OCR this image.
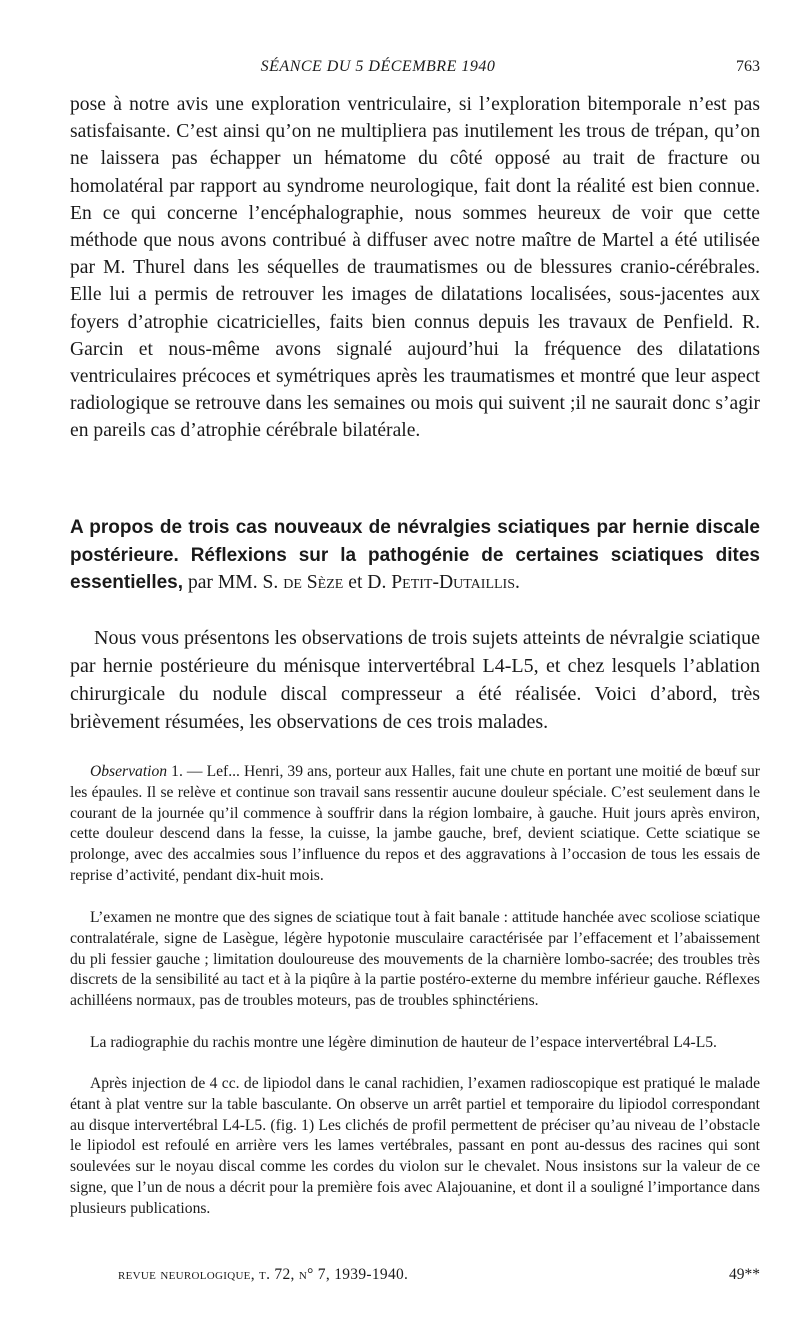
SÉANCE DU 5 DÉCEMBRE 1940	763

pose à notre avis une exploration ventriculaire, si l’exploration bitemporale n’est pas satisfaisante. C’est ainsi qu’on ne multipliera pas inutilement les trous de trépan, qu’on ne laissera pas échapper un hématome du côté opposé au trait de fracture ou homolatéral par rapport au syndrome neurologique, fait dont la réalité est bien connue. En ce qui concerne l’encéphalographie, nous sommes heureux de voir que cette méthode que nous avons contribué à diffuser avec notre maître de Martel a été utilisée par M. Thurel dans les séquelles de traumatismes ou de blessures cranio-cérébrales. Elle lui a permis de retrouver les images de dilatations localisées, sous-jacentes aux foyers d’atrophie cicatricielles, faits bien connus depuis les travaux de Penfield. R. Garcin et nous-même avons signalé aujourd’hui la fréquence des dilatations ventriculaires précoces et symétriques après les traumatismes et montré que leur aspect radiologique se retrouve dans les semaines ou mois qui suivent ;il ne saurait donc s’agir en pareils cas d’atrophie cérébrale bilatérale.

A propos de trois cas nouveaux de névralgies sciatiques par hernie discale postérieure. Réflexions sur la pathogénie de certaines sciatiques dites essentielles, par MM. S. de Sèze et D. Petit-Dutaillis.

Nous vous présentons les observations de trois sujets atteints de névralgie sciatique par hernie postérieure du ménisque intervertébral L4-L5, et chez lesquels l’ablation chirurgicale du nodule discal compresseur a été réalisée. Voici d’abord, très brièvement résumées, les observations de ces trois malades.

Observation 1. — Lef... Henri, 39 ans, porteur aux Halles, fait une chute en portant une moitié de bœuf sur les épaules. Il se relève et continue son travail sans ressentir aucune douleur spéciale. C’est seulement dans le courant de la journée qu’il commence à souffrir dans la région lombaire, à gauche. Huit jours après environ, cette douleur descend dans la fesse, la cuisse, la jambe gauche, bref, devient sciatique. Cette sciatique se prolonge, avec des accalmies sous l’influence du repos et des aggravations à l’occasion de tous les essais de reprise d’activité, pendant dix-huit mois.

L’examen ne montre que des signes de sciatique tout à fait banale : attitude hanchée avec scoliose sciatique contralatérale, signe de Lasègue, légère hypotonie musculaire caractérisée par l’effacement et l’abaissement du pli fessier gauche ; limitation douloureuse des mouvements de la charnière lombo-sacrée; des troubles très discrets de la sensibilité au tact et à la piqûre à la partie postéro-externe du membre inférieur gauche. Réflexes achilléens normaux, pas de troubles moteurs, pas de troubles sphinctériens.

La radiographie du rachis montre une légère diminution de hauteur de l’espace intervertébral L4-L5.

Après injection de 4 cc. de lipiodol dans le canal rachidien, l’examen radioscopique est pratiqué le malade étant à plat ventre sur la table basculante. On observe un arrêt partiel et temporaire du lipiodol correspondant au disque intervertébral L4-L5. (fig. 1) Les clichés de profil permettent de préciser qu’au niveau de l’obstacle le lipiodol est refoulé en arrière vers les lames vertébrales, passant en pont au-dessus des racines qui sont soulevées sur le noyau discal comme les cordes du violon sur le chevalet. Nous insistons sur la valeur de ce signe, que l’un de nous a décrit pour la première fois avec Alajouanine, et dont il a souligné l’importance dans plusieurs publications.

revue neurologique, t. 72, n° 7, 1939-1940.	49**
